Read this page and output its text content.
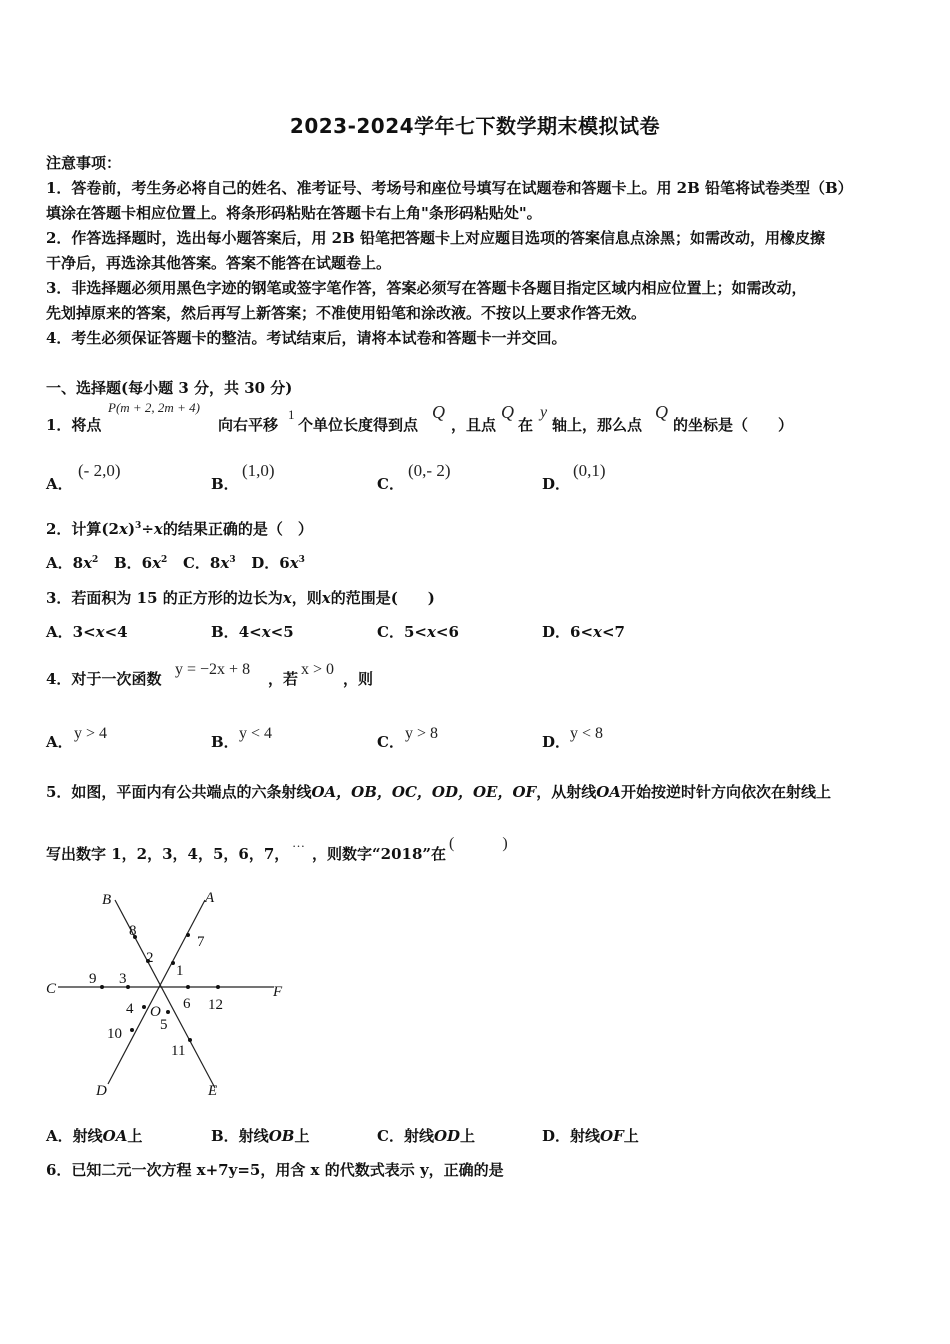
2023-2024学年七下数学期末模拟试卷
注意事项：
1．答卷前，考生务必将自己的姓名、准考证号、考场号和座位号填写在试题卷和答题卡上。用 2B 铅笔将试卷类型（B）
填涂在答题卡相应位置上。将条形码粘贴在答题卡右上角"条形码粘贴处"。
2．作答选择题时，选出每小题答案后，用 2B 铅笔把答题卡上对应题目选项的答案信息点涂黑；如需改动，用橡皮擦
干净后，再选涂其他答案。答案不能答在试题卷上。
3．非选择题必须用黑色字迹的钢笔或签字笔作答，答案必须写在答题卡各题目指定区域内相应位置上；如需改动，
先划掉原来的答案，然后再写上新答案；不准使用铅笔和涂改液。不按以上要求作答无效。
4．考生必须保证答题卡的整洁。考试结束后，请将本试卷和答题卡一并交回。
一、选择题(每小题 3 分，共 30 分)
1．将点
P(m + 2, 2m + 4)
向右平移
1
个单位长度得到点
Q
，且点
Q
在
y
轴上，那么点
Q
的坐标是（　　）
A．
(- 2,0)
B．
(1,0)
C．
(0,- 2)
D．
(0,1)
2．计算$(2x)^3\div x$的结果正确的是（　）
A．$8x^2$ B．$6x^2$ C．$8x^3$ D．$6x^3$
3．若面积为 15 的正方形的边长为x，则x的范围是(　　)
A．3<x<4	B．4<x<5	C．5<x<6	D．6<x<7
4．对于一次函数
y = −2x + 8
，若
x > 0
，则
A． y > 4	B． y < 4	C． y > 8	D． y < 8
5．如图，平面内有公共端点的六条射线OA，OB，OC，OD，OE，OF，从射线OA开始按逆时针方向依次在射线上
写出数字 1，2，3，4，5，6，7，
…
，则数字“2018”在
(　　　)
B	A
C	F
D	E
O
1
2
3
4
5
6
7
8
9
10
11
12
A．射线OA上	B．射线OB上	C．射线OD上	D．射线OF上
6．已知二元一次方程 x+7y=5，用含 x 的代数式表示 y，正确的是
